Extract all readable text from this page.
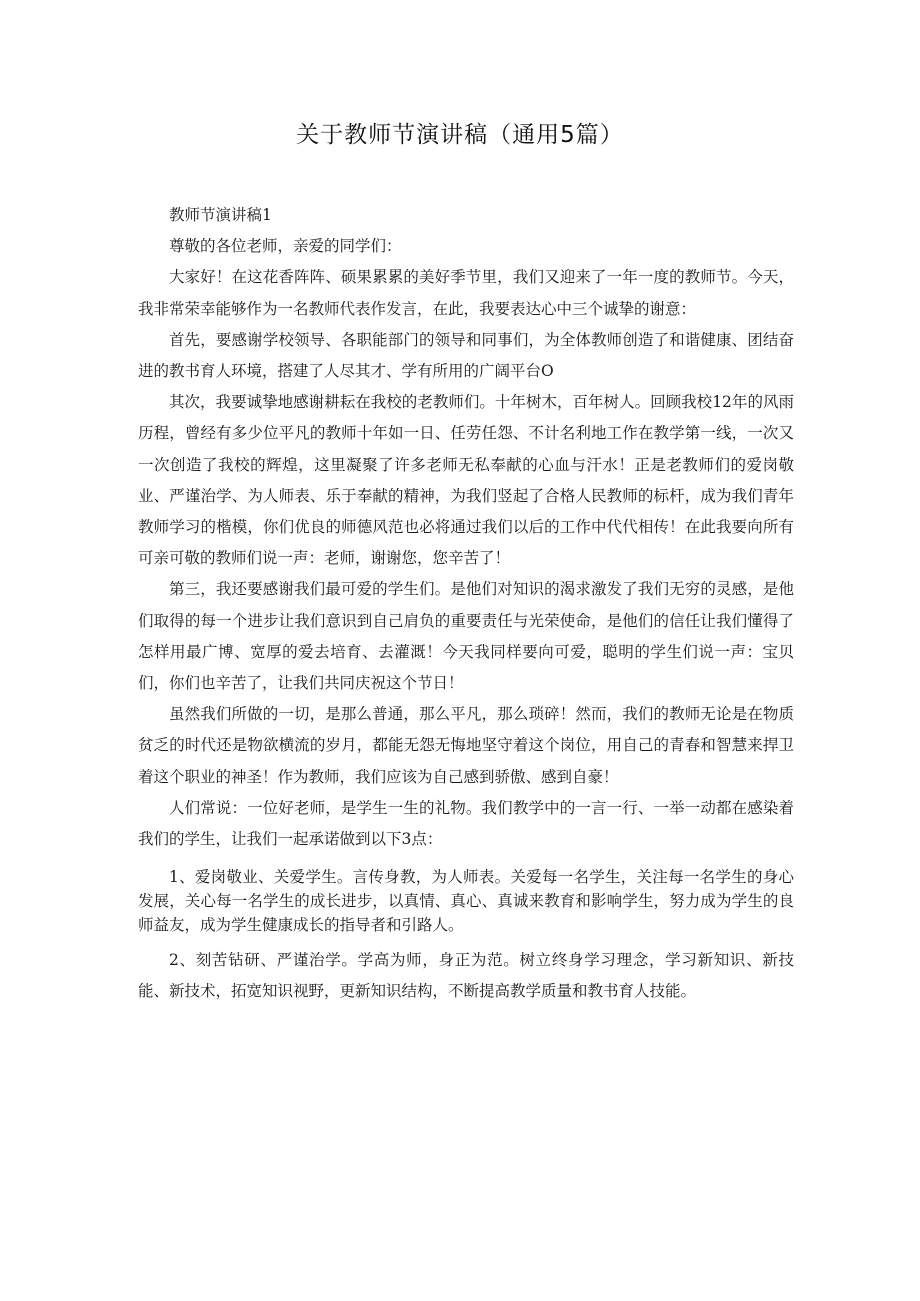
关于教师节演讲稿（通用5篇）

教师节演讲稿1

尊敬的各位老师，亲爱的同学们：

大家好！在这花香阵阵、硕果累累的美好季节里，我们又迎来了一年一度的教师节。今天，我非常荣幸能够作为一名教师代表作发言，在此，我要表达心中三个诚挚的谢意：

首先，要感谢学校领导、各职能部门的领导和同事们，为全体教师创造了和谐健康、团结奋进的教书育人环境，搭建了人尽其才、学有所用的广阔平台O

其次，我要诚挚地感谢耕耘在我校的老教师们。十年树木，百年树人。回顾我校12年的风雨历程，曾经有多少位平凡的教师十年如一日、任劳任怨、不计名利地工作在教学第一线，一次又一次创造了我校的辉煌，这里凝聚了许多老师无私奉献的心血与汗水！正是老教师们的爱岗敬业、严谨治学、为人师表、乐于奉献的精神，为我们竖起了合格人民教师的标杆，成为我们青年教师学习的楷模，你们优良的师德风范也必将通过我们以后的工作中代代相传！在此我要向所有可亲可敬的教师们说一声：老师，谢谢您，您辛苦了！

第三，我还要感谢我们最可爱的学生们。是他们对知识的渴求激发了我们无穷的灵感，是他们取得的每一个进步让我们意识到自己肩负的重要责任与光荣使命，是他们的信任让我们懂得了怎样用最广博、宽厚的爱去培育、去灌溉！今天我同样要向可爱，聪明的学生们说一声：宝贝们，你们也辛苦了，让我们共同庆祝这个节日！

虽然我们所做的一切，是那么普通，那么平凡，那么琐碎！然而，我们的教师无论是在物质贫乏的时代还是物欲横流的岁月，都能无怨无悔地坚守着这个岗位，用自己的青春和智慧来捍卫着这个职业的神圣！作为教师，我们应该为自己感到骄傲、感到自豪！

人们常说：一位好老师，是学生一生的礼物。我们教学中的一言一行、一举一动都在感染着我们的学生，让我们一起承诺做到以下3点：

1、爱岗敬业、关爱学生。言传身教，为人师表。关爱每一名学生，关注每一名学生的身心发展，关心每一名学生的成长进步，以真情、真心、真诚来教育和影响学生，努力成为学生的良师益友，成为学生健康成长的指导者和引路人。

2、刻苦钻研、严谨治学。学高为师，身正为范。树立终身学习理念，学习新知识、新技能、新技术，拓宽知识视野，更新知识结构，不断提高教学质量和教书育人技能。
